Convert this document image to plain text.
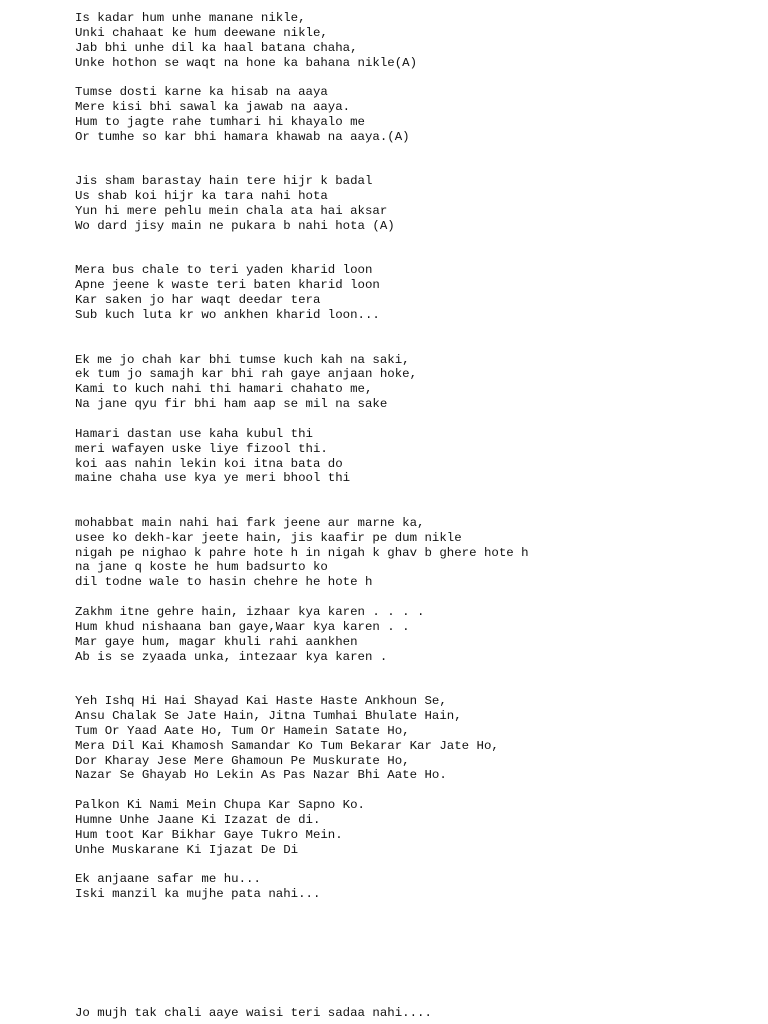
Is kadar hum unhe manane nikle,
Unki chahaat ke hum deewane nikle,
Jab bhi unhe dil ka haal batana chaha,
Unke hothon se waqt na hone ka bahana nikle(A)
Tumse dosti karne ka hisab na aaya
Mere kisi bhi sawal ka jawab na aaya.
Hum to jagte rahe tumhari hi khayalo me
Or tumhe so kar bhi hamara khawab na aaya.(A)
Jis sham barastay hain tere hijr k badal
Us shab koi hijr ka tara nahi hota
Yun hi mere pehlu mein chala ata hai aksar
Wo dard jisy main ne pukara b nahi hota (A)
Mera bus chale to teri yaden kharid loon
Apne jeene k waste teri baten kharid loon
Kar saken jo har waqt deedar tera
Sub kuch luta kr wo ankhen kharid loon...
Ek me jo chah kar bhi tumse kuch kah na saki,
ek tum jo samajh kar bhi rah gaye anjaan hoke,
Kami to kuch nahi thi hamari chahato me,
Na jane qyu fir bhi ham aap se mil na sake
Hamari dastan use kaha kubul thi
meri wafayen uske liye fizool thi.
koi aas nahin lekin koi itna bata do
maine chaha use kya ye meri bhool thi
mohabbat main nahi hai fark jeene aur marne ka,
usee ko dekh-kar jeete hain, jis kaafir pe dum nikle
nigah pe nighao k pahre hote h in nigah k ghav b ghere hote h
na jane q koste he hum badsurto ko
dil todne wale to hasin chehre he hote h
Zakhm itne gehre hain, izhaar kya karen . . . .
Hum khud nishaana ban gaye,Waar kya karen . .
Mar gaye hum, magar khuli rahi aankhen
Ab is se zyaada unka, intezaar kya karen .
Yeh Ishq Hi Hai Shayad Kai Haste Haste Ankhoun Se,
Ansu Chalak Se Jate Hain, Jitna Tumhai Bhulate Hain,
Tum Or Yaad Aate Ho, Tum Or Hamein Satate Ho,
Mera Dil Kai Khamosh Samandar Ko Tum Bekarar Kar Jate Ho,
Dor Kharay Jese Mere Ghamoun Pe Muskurate Ho,
Nazar Se Ghayab Ho Lekin As Pas Nazar Bhi Aate Ho.
Palkon Ki Nami Mein Chupa Kar Sapno Ko.
Humne Unhe Jaane Ki Izazat de di.
Hum toot Kar Bikhar Gaye Tukro Mein.
Unhe Muskarane Ki Ijazat De Di
Ek anjaane safar me hu...
Iski manzil ka mujhe pata nahi...
Jo mujh tak chali aaye waisi teri sadaa nahi....
